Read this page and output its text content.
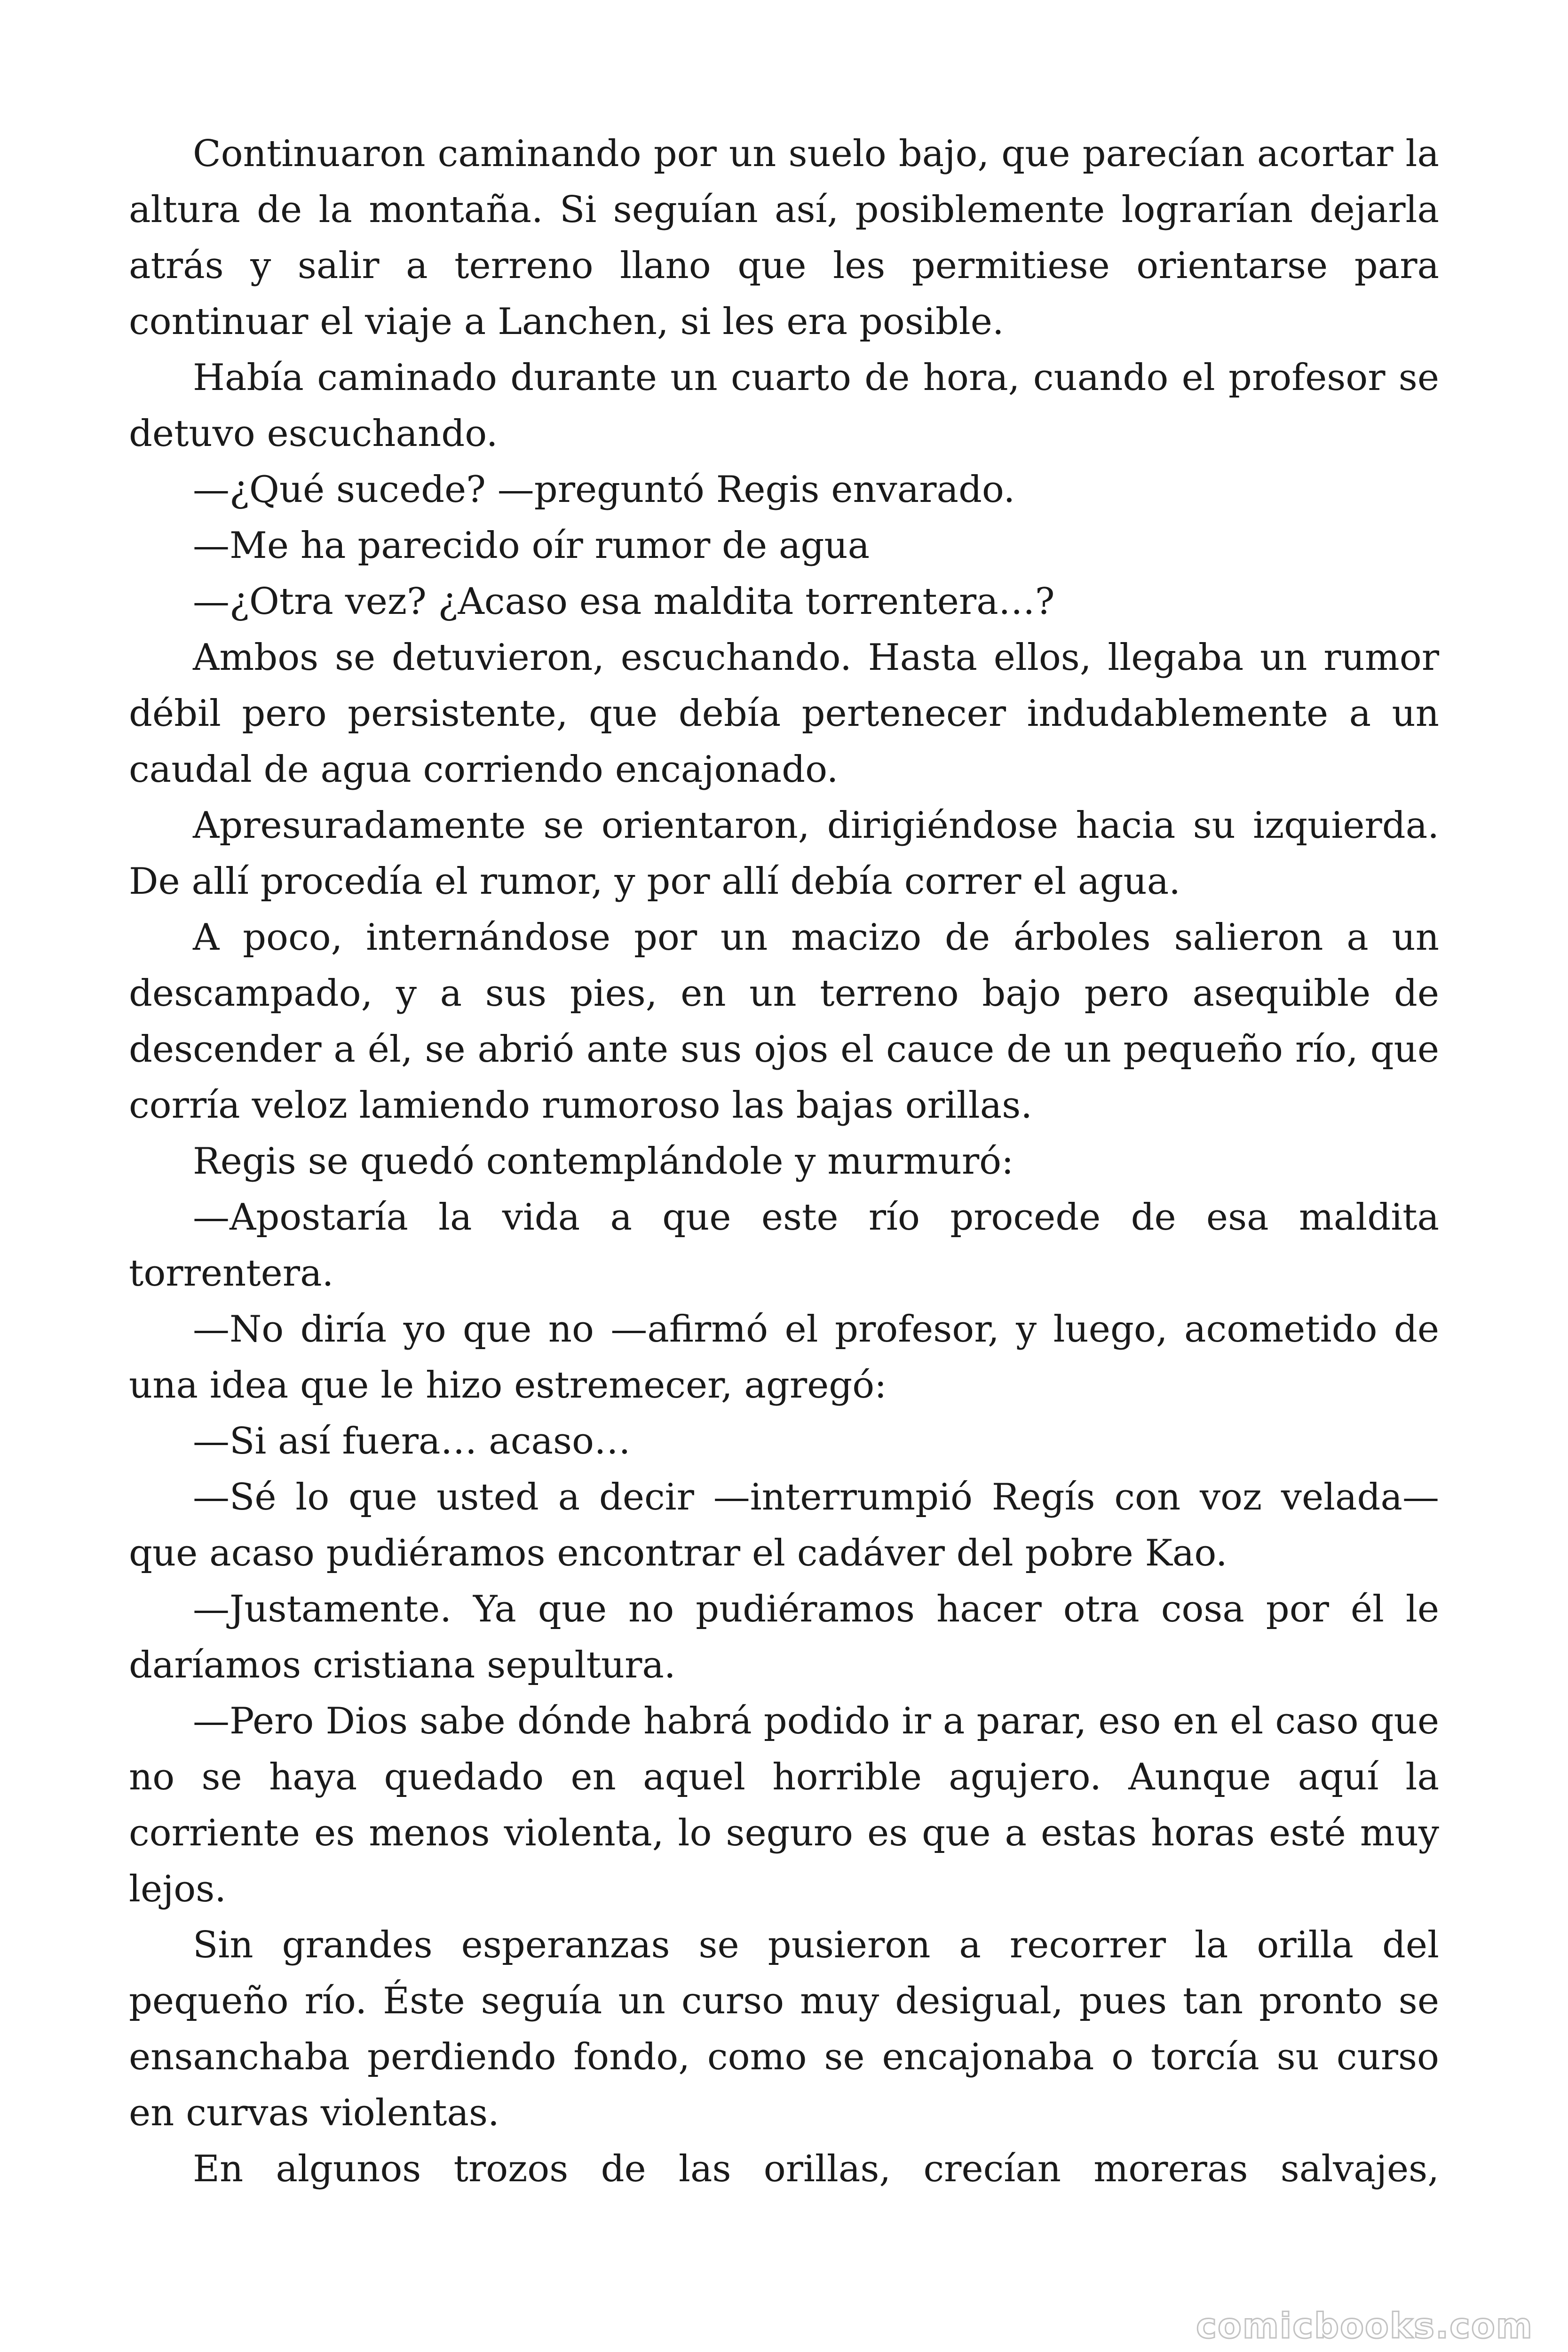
Continuaron caminando por un suelo bajo, que parecían acortar la altura de la montaña. Si seguían así, posiblemente lograrían dejarla atrás y salir a terreno llano que les permitiese orientarse para continuar el viaje a Lanchen, si les era posible.

Había caminado durante un cuarto de hora, cuando el profesor se detuvo escuchando.

—¿Qué sucede? —preguntó Regis envarado.

—Me ha parecido oír rumor de agua

—¿Otra vez? ¿Acaso esa maldita torrentera…?

Ambos se detuvieron, escuchando. Hasta ellos, llegaba un rumor débil pero persistente, que debía pertenecer indudablemente a un caudal de agua corriendo encajonado.

Apresuradamente se orientaron, dirigiéndose hacia su izquierda. De allí procedía el rumor, y por allí debía correr el agua.

A poco, internándose por un macizo de árboles salieron a un descampado, y a sus pies, en un terreno bajo pero asequible de descender a él, se abrió ante sus ojos el cauce de un pequeño río, que corría veloz lamiendo rumoroso las bajas orillas.

Regis se quedó contemplándole y murmuró:

—Apostaría la vida a que este río procede de esa maldita torrentera.

—No diría yo que no —afirmó el profesor, y luego, acometido de una idea que le hizo estremecer, agregó:

—Si así fuera… acaso…

—Sé lo que usted a decir —interrumpió Regís con voz velada— que acaso pudiéramos encontrar el cadáver del pobre Kao.

—Justamente. Ya que no pudiéramos hacer otra cosa por él le daríamos cristiana sepultura.

—Pero Dios sabe dónde habrá podido ir a parar, eso en el caso que no se haya quedado en aquel horrible agujero. Aunque aquí la corriente es menos violenta, lo seguro es que a estas horas esté muy lejos.

Sin grandes esperanzas se pusieron a recorrer la orilla del pequeño río. Éste seguía un curso muy desigual, pues tan pronto se ensanchaba perdiendo fondo, como se encajonaba o torcía su curso en curvas violentas.

En algunos trozos de las orillas, crecían moreras salvajes,

comicbooks.com
